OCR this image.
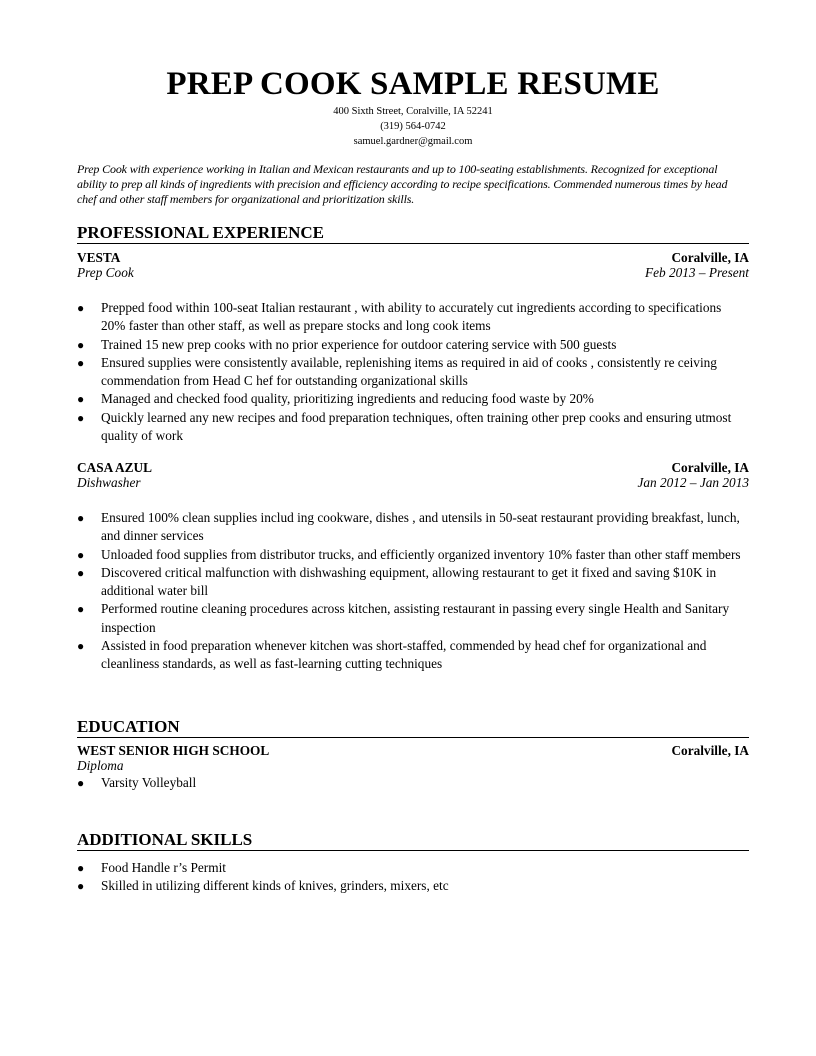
PREP COOK SAMPLE RESUME
400 Sixth Street, Coralville, IA 52241
(319) 564-0742
samuel.gardner@gmail.com
Prep Cook with experience working in Italian and Mexican restaurants and up to 100-seating establishments. Recognized for exceptional ability to prep all kinds of ingredients with precision and efficiency according to recipe specifications. Commended numerous times by head chef and other staff members for organizational and prioritization skills.
PROFESSIONAL EXPERIENCE
VESTA	Coralville, IA
Prep Cook	Feb 2013 – Present
● Prepped food within 100-seat Italian restaurant , with ability to accurately cut ingredients according to specifications 20% faster than other staff, as well as prepare stocks and long cook items
● Trained 15 new prep cooks with no prior experience for outdoor catering service with 500 guests
● Ensured supplies were consistently available, replenishing items as required in aid of cooks , consistently re ceiving commendation from Head C hef for outstanding organizational skills
● Managed and checked food quality, prioritizing ingredients and reducing food waste by 20%
● Quickly learned any new recipes and food preparation techniques, often training other prep cooks and ensuring utmost quality of work
CASA AZUL	Coralville, IA
Dishwasher	Jan 2012 – Jan 2013
● Ensured 100% clean supplies includ ing cookware, dishes , and utensils in 50-seat restaurant providing breakfast, lunch, and dinner services
● Unloaded food supplies from distributor trucks, and efficiently organized inventory 10% faster than other staff members
● Discovered critical malfunction with dishwashing equipment, allowing restaurant to get it fixed and saving $10K in additional water bill
● Performed routine cleaning procedures across kitchen, assisting restaurant in passing every single Health and Sanitary inspection
● Assisted in food preparation whenever kitchen was short-staffed, commended by head chef for organizational and cleanliness standards, as well as fast-learning cutting techniques
EDUCATION
WEST SENIOR HIGH SCHOOL	Coralville, IA
Diploma
● Varsity Volleyball
ADDITIONAL SKILLS
● Food Handle r’s Permit
● Skilled in utilizing different kinds of knives, grinders, mixers, etc
